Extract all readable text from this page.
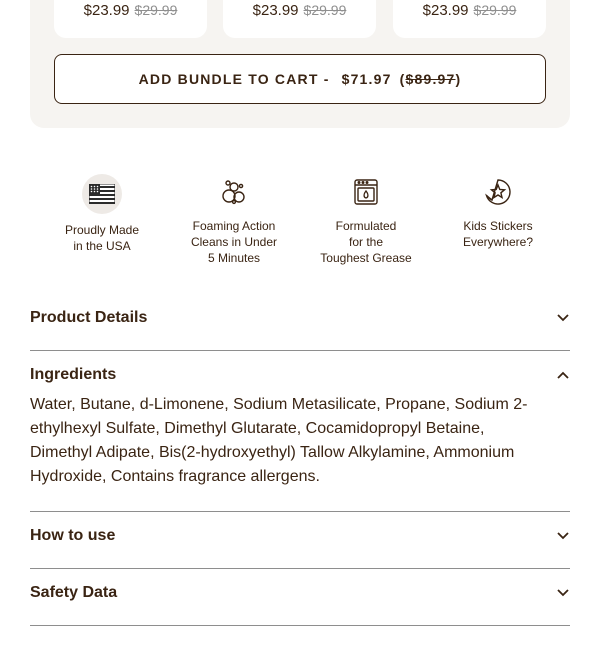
$23.99 $29.99	$23.99 $29.99	$23.99 $29.99
ADD BUNDLE TO CART - $71.97 ( $89.97 )
Proudly Made
in the USA
Foaming Action
Cleans in Under
5 Minutes
Formulated
for the
Toughest Grease
Kids Stickers
Everywhere?
Product Details
Ingredients
Water, Butane, d-Limonene, Sodium Metasilicate, Propane, Sodium 2-
ethylhexyl Sulfate, Dimethyl Glutarate, Cocamidopropyl Betaine,
Dimethyl Adipate, Bis(2-hydroxyethyl) Tallow Alkylamine, Ammonium
Hydroxide, Contains fragrance allergens.
How to use
Safety Data
